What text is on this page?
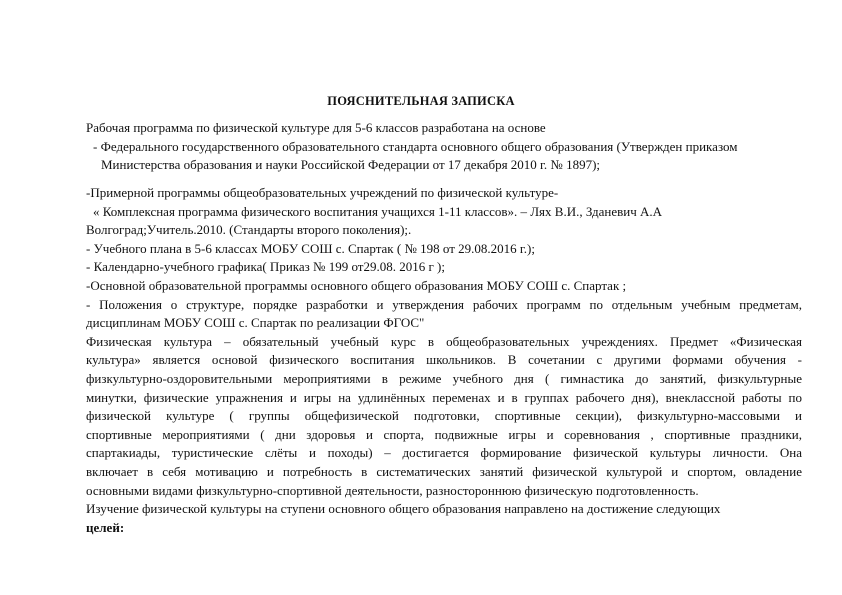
ПОЯСНИТЕЛЬНАЯ ЗАПИСКА
Рабочая программа по физической культуре для 5-6 классов разработана на основе
- Федерального государственного образовательного стандарта основного общего образования (Утвержден приказом
Министерства образования и науки Российской Федерации от 17 декабря 2010 г. № 1897);
-Примерной программы общеобразовательных учреждений по физической культуре-
« Комплексная программа физического воспитания учащихся 1-11 классов». – Лях В.И., Зданевич А.А
Волгоград;Учитель.2010. (Стандарты второго поколения);.
- Учебного плана в 5-6 классах МОБУ СОШ с. Спартак ( № 198 от 29.08.2016 г.);
- Календарно-учебного графика( Приказ № 199 от29.08. 2016 г );
-Основной образовательной программы основного общего образования МОБУ СОШ с. Спартак ;
- Положения о структуре, порядке разработки и утверждения рабочих программ по отдельным учебным предметам,
дисциплинам МОБУ СОШ с. Спартак по реализации ФГОС"
Физическая культура – обязательный учебный курс в общеобразовательных учреждениях. Предмет «Физическая
культура» является основой физического воспитания школьников. В сочетании с другими формами обучения -
физкультурно-оздоровительными мероприятиями в режиме учебного дня ( гимнастика до занятий, физкультурные
минутки, физические упражнения и игры на удлинённых переменах и в группах рабочего дня), внеклассной работы по
физической культуре ( группы общефизической подготовки, спортивные секции), физкультурно-массовыми и
спортивные мероприятиями ( дни здоровья и спорта, подвижные игры и соревнования , спортивные праздники,
спартакиады, туристические слёты и походы) – достигается формирование физической культуры личности. Она
включает в себя мотивацию и потребность в систематических занятий физической культурой и спортом, овладение
основными видами физкультурно-спортивной деятельности, разностороннюю физическую подготовленность.
Изучение физической культуры на ступени основного общего образования направлено на достижение следующих
целей:
